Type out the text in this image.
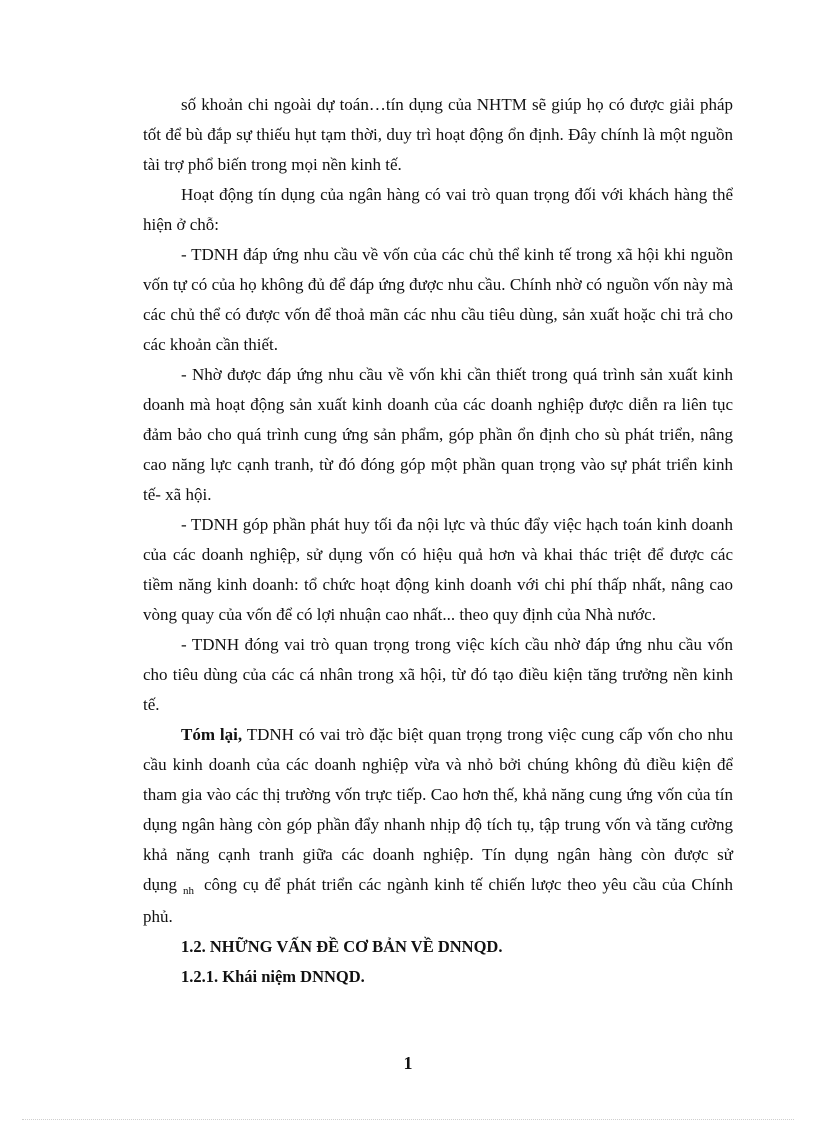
số khoản chi ngoài dự toán…tín dụng của NHTM sẽ giúp họ có được giải pháp tốt để bù đắp sự thiếu hụt tạm thời, duy trì hoạt động ổn định. Đây chính là một nguồn tài trợ phổ biến trong mọi nền kinh tế.

Hoạt động tín dụng của ngân hàng có vai trò quan trọng đối với khách hàng thể hiện ở chỗ:

- TDNH đáp ứng nhu cầu về vốn của các chủ thể kinh tế trong xã hội khi nguồn vốn tự có của họ không đủ để đáp ứng được nhu cầu. Chính nhờ có nguồn vốn này mà các chủ thể có được vốn để thoả mãn các nhu cầu tiêu dùng, sản xuất hoặc chi trả cho các khoản cần thiết.

- Nhờ được đáp ứng nhu cầu về vốn khi cần thiết trong quá trình sản xuất kinh doanh mà hoạt động sản xuất kinh doanh của các doanh nghiệp được diễn ra liên tục đảm bảo cho quá trình cung ứng sản phẩm, góp phần ổn định cho sù phát triển, nâng cao năng lực cạnh tranh, từ đó đóng góp một phần quan trọng vào sự phát triển kinh tế- xã hội.

- TDNH góp phần phát huy tối đa nội lực và thúc đẩy việc hạch toán kinh doanh của các doanh nghiệp, sử dụng vốn có hiệu quả hơn và khai thác triệt để được các tiềm năng kinh doanh: tổ chức hoạt động kinh doanh với chi phí thấp nhất, nâng cao vòng quay của vốn để có lợi nhuận cao nhất... theo quy định của Nhà nước.

- TDNH đóng vai trò quan trọng trong việc kích cầu nhờ đáp ứng nhu cầu vốn cho tiêu dùng của các cá nhân trong xã hội, từ đó tạo điều kiện tăng trưởng nền kinh tế.

Tóm lại, TDNH có vai trò đặc biệt quan trọng trong việc cung cấp vốn cho nhu cầu kinh doanh của các doanh nghiệp vừa và nhỏ bởi chúng không đủ điều kiện để tham gia vào các thị trường vốn trực tiếp. Cao hơn thế, khả năng cung ứng vốn của tín dụng ngân hàng còn góp phần đẩy nhanh nhịp độ tích tụ, tập trung vốn và tăng cường khả năng cạnh tranh giữa các doanh nghiệp. Tín dụng ngân hàng còn được sử dụng $_{nh}$ công cụ để phát triển các ngành kinh tế chiến lược theo yêu cầu của Chính phủ.

1.2. NHỮNG VẤN ĐỀ CƠ BẢN VỀ DNNQD.

1.2.1. Khái niệm DNNQD.

1
